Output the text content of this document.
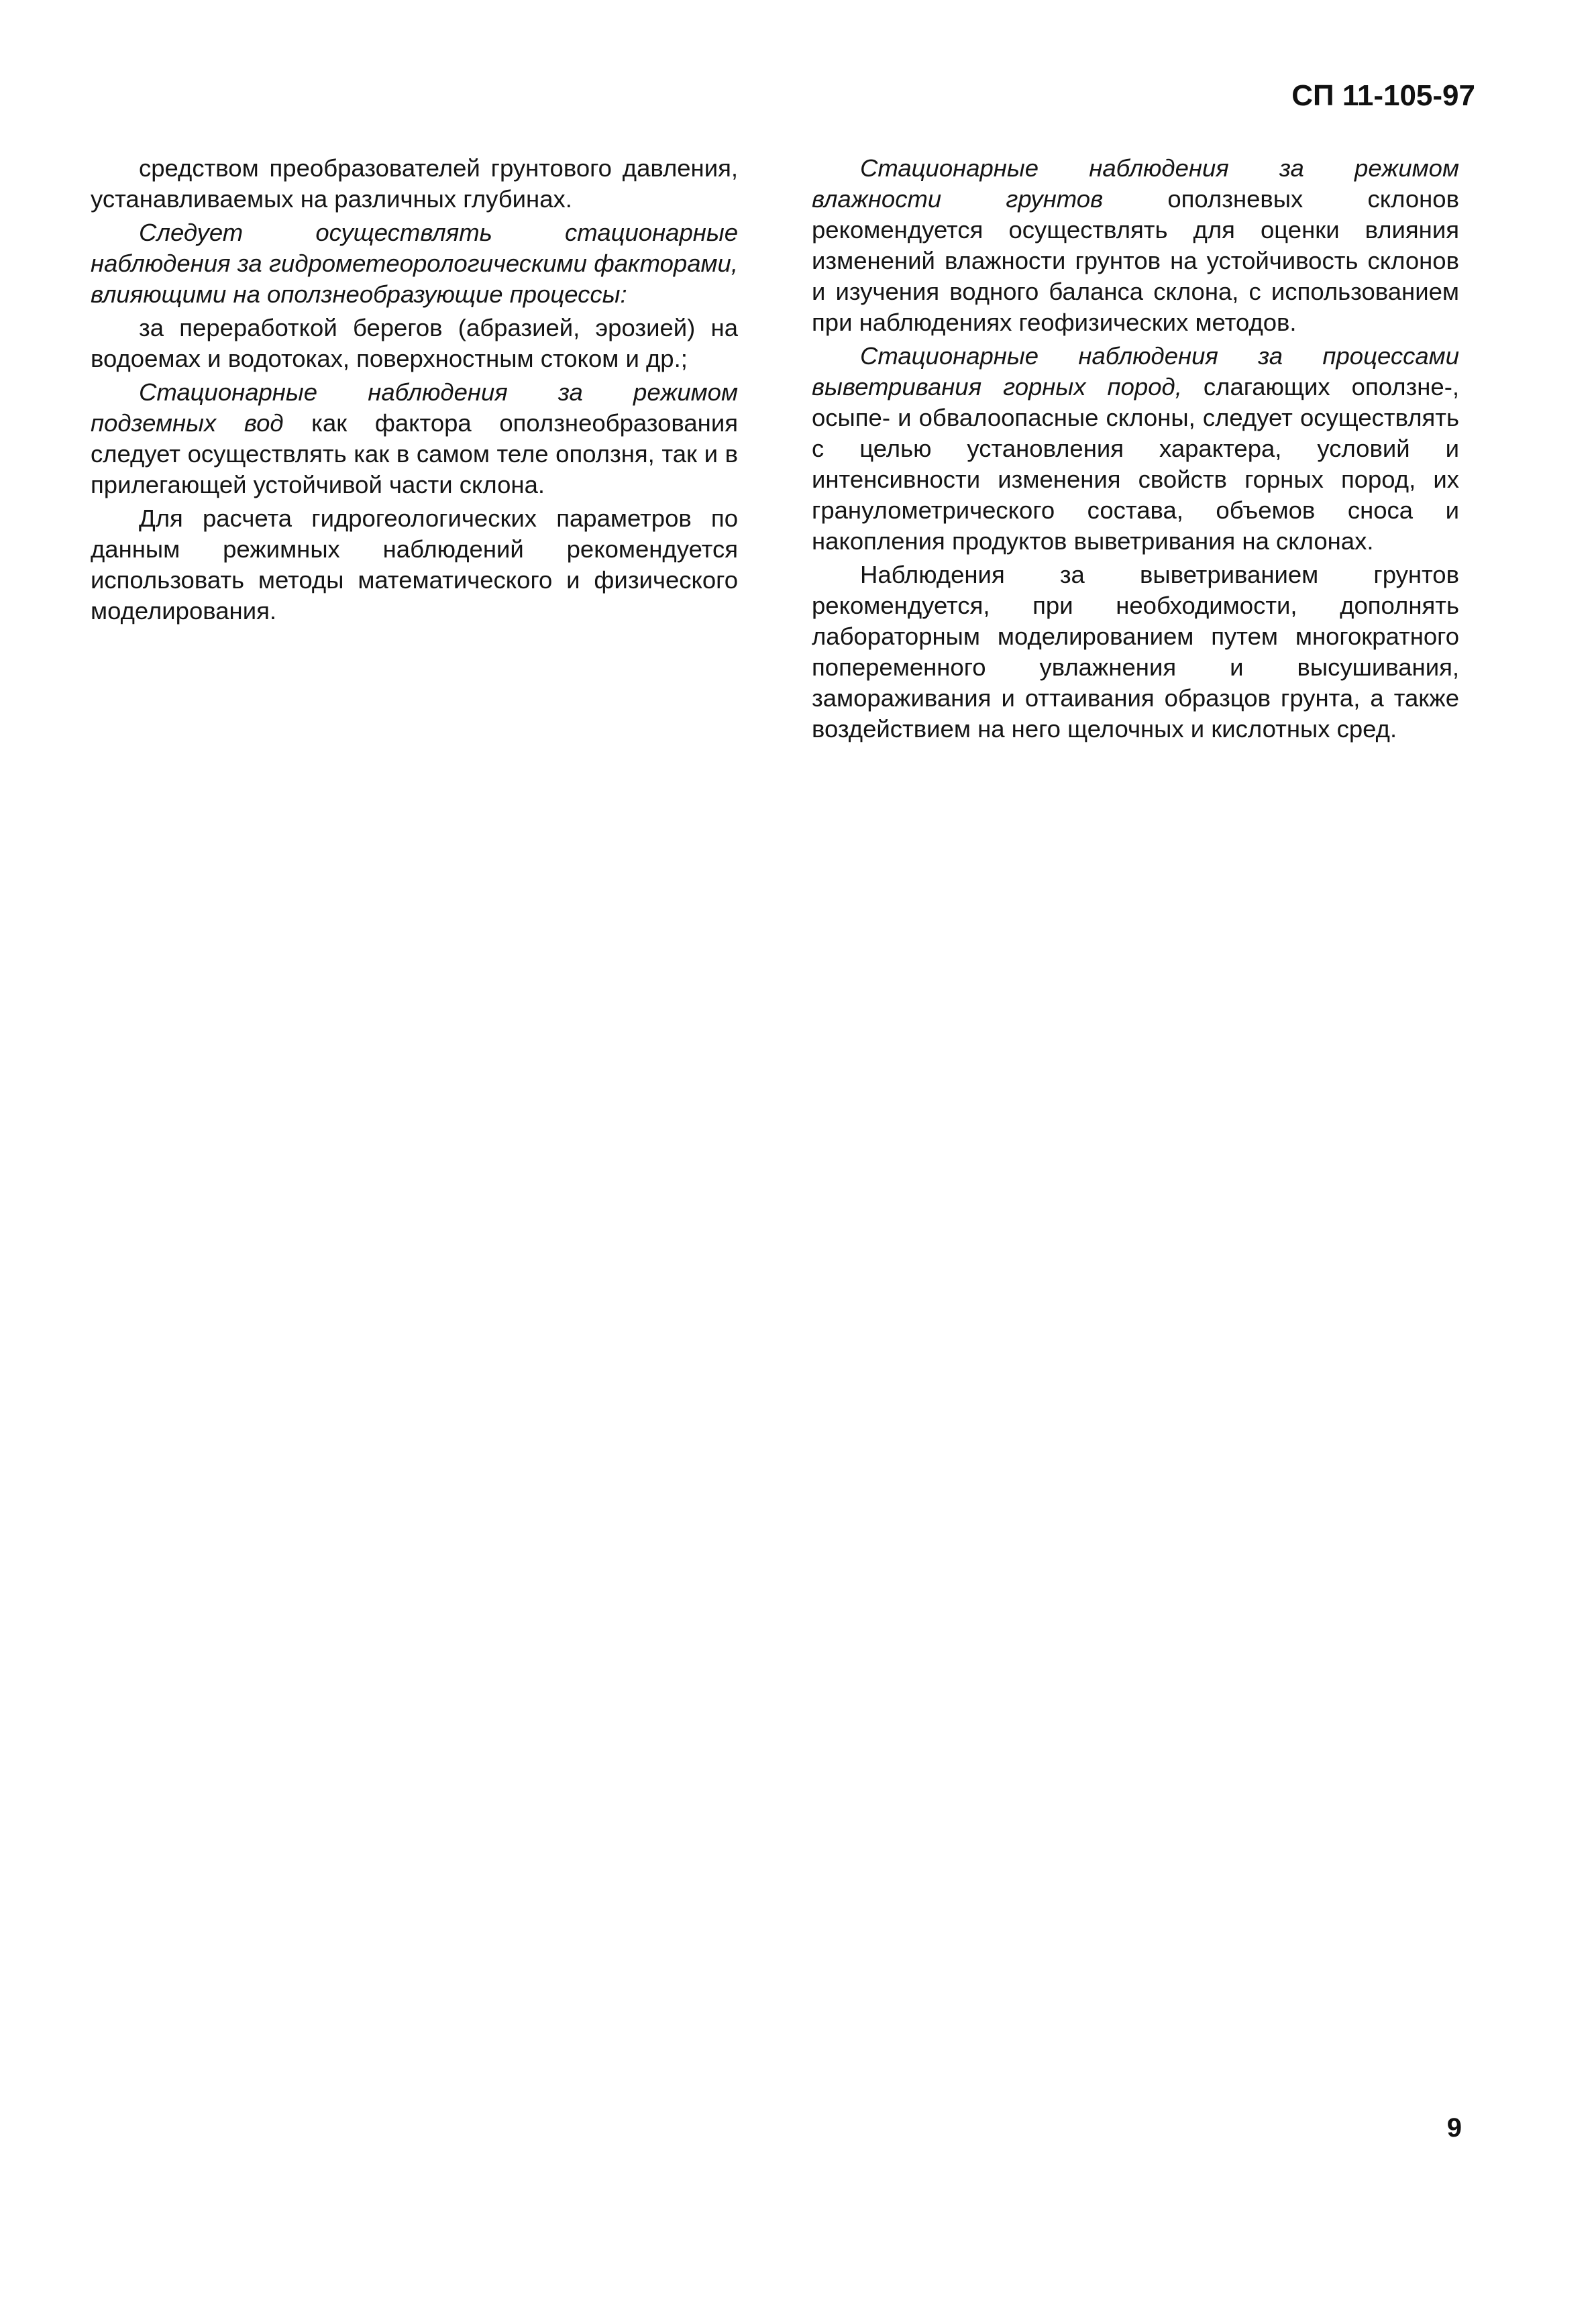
СП 11-105-97

средством преобразователей грунтового давления, устанавливаемых на различных глубинах.

Следует осуществлять стационарные наблюдения за гидрометеорологическими факторами, влияющими на оползнеобразующие процессы:

за переработкой берегов (абразией, эрозией) на водоемах и водотоках, поверхностным стоком и др.;

Стационарные наблюдения за режимом подземных вод как фактора оползнеобразования следует осуществлять как в самом теле оползня, так и в прилегающей устойчивой части склона.

Для расчета гидрогеологических параметров по данным режимных наблюдений рекомендуется использовать методы математического и физического моделирования.

Стационарные наблюдения за режимом влажности грунтов оползневых склонов рекомендуется осуществлять для оценки влияния изменений влажности грунтов на устойчивость склонов и изучения водного баланса склона, с использованием при наблюдениях геофизических методов.

Стационарные наблюдения за процессами выветривания горных пород, слагающих оползне-, осыпе- и обвалоопасные склоны, следует осуществлять с целью установления характера, условий и интенсивности изменения свойств горных пород, их гранулометрического состава, объемов сноса и накопления продуктов выветривания на склонах.

Наблюдения за выветриванием грунтов рекомендуется, при необходимости, дополнять лабораторным моделированием путем многократного попеременного увлажнения и высушивания, замораживания и оттаивания образцов грунта, а также воздействием на него щелочных и кислотных сред.

9
